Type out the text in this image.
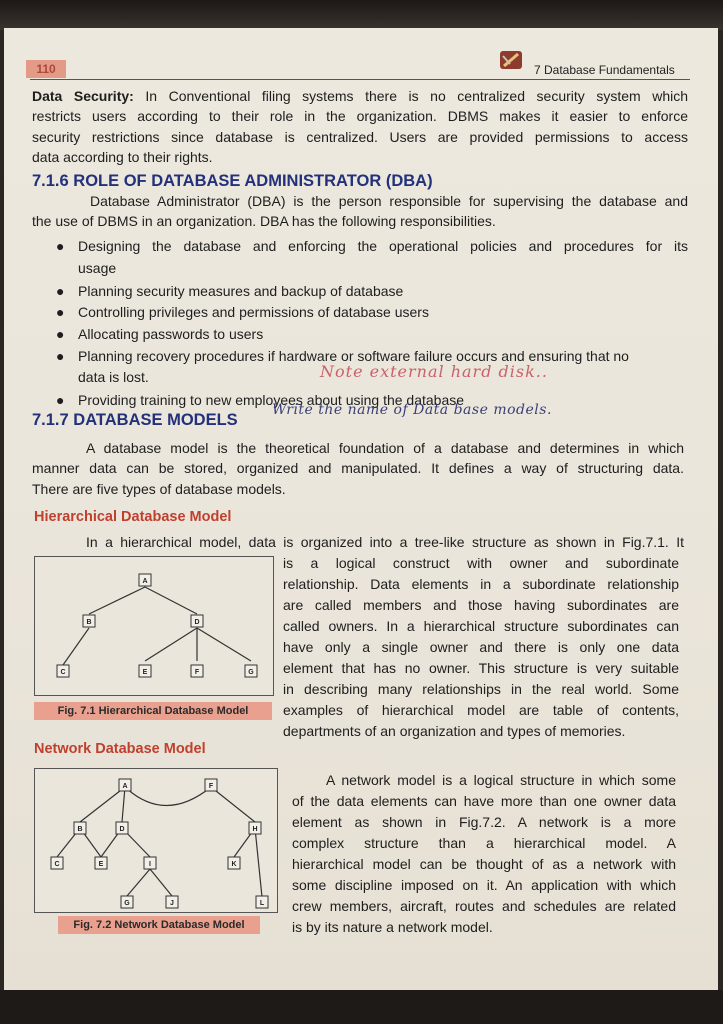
110	7 Database Fundamentals
Data Security: In Conventional filing systems there is no centralized security system which
restricts users according to their role in the organization. DBMS makes it easier to enforce
security restrictions since database is centralized. Users are provided permissions to access
data according to their rights.
7.1.6 ROLE OF DATABASE ADMINISTRATOR (DBA)
Database Administrator (DBA) is the person responsible for supervising the database and
the use of DBMS in an organization. DBA has the following responsibilities.
● Designing the database and enforcing the operational policies and procedures for its
usage
● Planning security measures and backup of database
● Controlling privileges and permissions of database users
● Allocating passwords to users
● Planning recovery procedures if hardware or software failure occurs and ensuring that no
data is lost.	Note external hard disk..
● Providing training to new employees about using the database
7.1.7 DATABASE MODELS
Write the name of Data base models.
A database model is the theoretical foundation of a database and determines in which
manner data can be stored, organized and manipulated. It defines a way of structuring data.
There are five types of database models.
Hierarchical Database Model
In a hierarchical model, data is organized into a tree-like structure as shown in Fig.7.1. It
A
B	D
C	E	F	G
Fig. 7.1 Hierarchical Database Model
is a logical construct with owner and subordinate
relationship. Data elements in a subordinate relationship
are called members and those having subordinates are
called owners. In a hierarchical structure subordinates can
have only a single owner and there is only one data
element that has no owner. This structure is very suitable
in describing many relationships in the real world. Some
examples of hierarchical model are table of contents,
departments of an organization and types of memories.
Network Database Model
A	F
B	D	H
C	E	I	K
G	J	L
Fig. 7.2 Network Database Model
A network model is a logical structure in which some
of the data elements can have more than one owner data
element as shown in Fig.7.2. A network is a more
complex structure than a hierarchical model. A
hierarchical model can be thought of as a network with
some discipline imposed on it. An application with which
crew members, aircraft, routes and schedules are related
is by its nature a network model.
